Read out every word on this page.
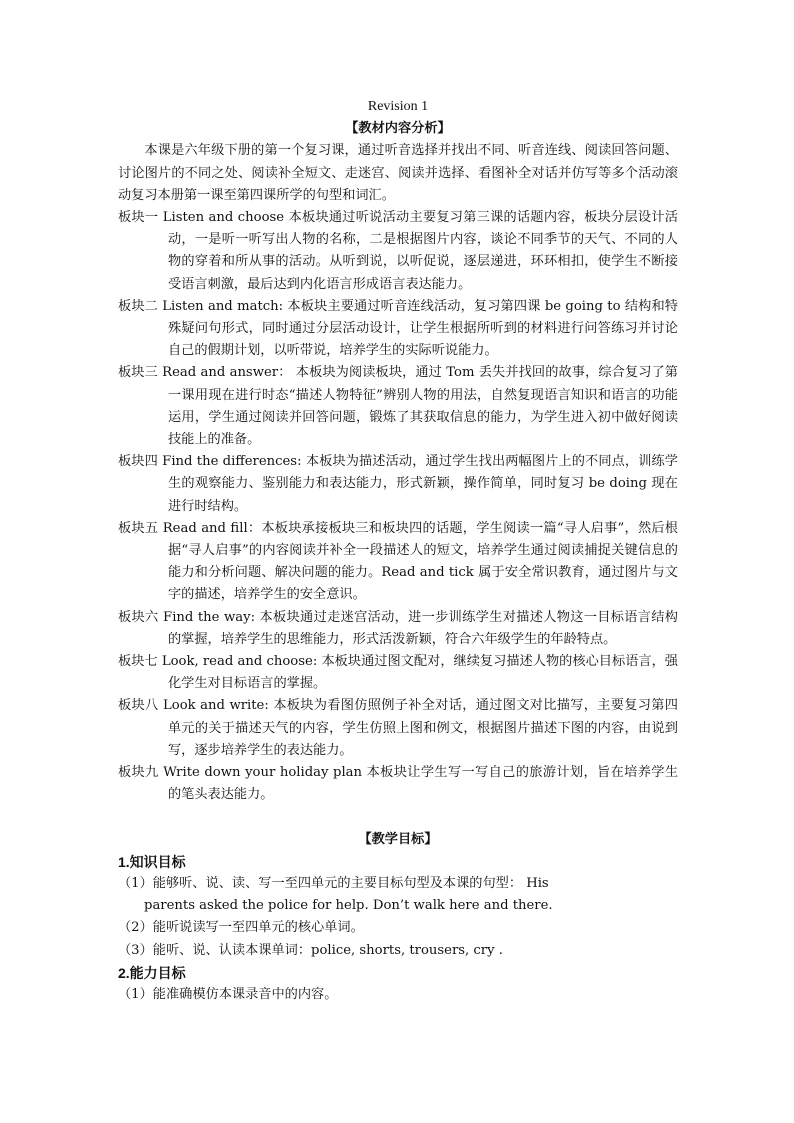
Revision 1
【教材内容分析】
本课是六年级下册的第一个复习课，通过听音选择并找出不同、听音连线、阅读回答问题、讨论图片的不同之处、阅读补全短文、走迷宫、阅读并选择、看图补全对话并仿写等多个活动滚动复习本册第一课至第四课所学的句型和词汇。
板块一 Listen and choose 本板块通过听说活动主要复习第三课的话题内容，板块分层设计活动，一是听一听写出人物的名称，二是根据图片内容，谈论不同季节的天气、不同的人物的穿着和所从事的活动。从听到说，以听促说，逐层递进，环环相扣，使学生不断接受语言刺激，最后达到内化语言形成语言表达能力。
板块二 Listen and match: 本板块主要通过听音连线活动，复习第四课 be going to 结构和特殊疑问句形式，同时通过分层活动设计，让学生根据所听到的材料进行问答练习并讨论自己的假期计划，以听带说，培养学生的实际听说能力。
板块三 Read and answer： 本板块为阅读板块，通过 Tom 丢失并找回的故事，综合复习了第一课用现在进行时态“描述人物特征”辨别人物的用法，自然复现语言知识和语言的功能运用，学生通过阅读并回答问题，锻炼了其获取信息的能力，为学生进入初中做好阅读技能上的准备。
板块四 Find the differences: 本板块为描述活动，通过学生找出两幅图片上的不同点，训练学生的观察能力、鉴别能力和表达能力，形式新颖，操作简单，同时复习 be doing 现在进行时结构。
板块五 Read and fill：本板块承接板块三和板块四的话题，学生阅读一篇“寻人启事”，然后根据“寻人启事”的内容阅读并补全一段描述人的短文，培养学生通过阅读捕捉关键信息的能力和分析问题、解决问题的能力。Read and tick 属于安全常识教育，通过图片与文字的描述，培养学生的安全意识。
板块六 Find the way: 本板块通过走迷宫活动，进一步训练学生对描述人物这一目标语言结构的掌握，培养学生的思维能力，形式活泼新颖，符合六年级学生的年龄特点。
板块七 Look, read and choose: 本板块通过图文配对，继续复习描述人物的核心目标语言，强化学生对目标语言的掌握。
板块八 Look and write: 本板块为看图仿照例子补全对话，通过图文对比描写，主要复习第四单元的关于描述天气的内容，学生仿照上图和例文，根据图片描述下图的内容，由说到写，逐步培养学生的表达能力。
板块九 Write down your holiday plan 本板块让学生写一写自己的旅游计划，旨在培养学生的笔头表达能力。
【教学目标】
1.知识目标
（1）能够听、说、读、写一至四单元的主要目标句型及本课的句型： His
parents asked the police for help. Don’t walk here and there.
（2）能听说读写一至四单元的核心单词。
（3）能听、说、认读本课单词：police, shorts, trousers, cry .
2.能力目标
（1）能准确模仿本课录音中的内容。
